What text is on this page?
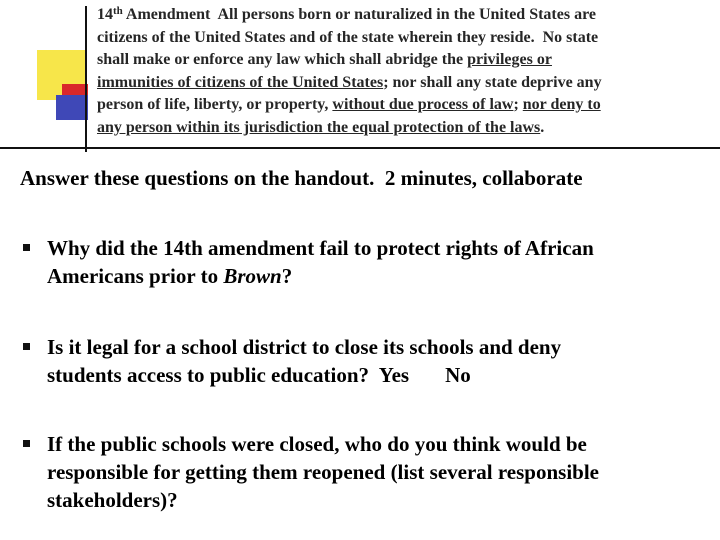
14th Amendment  All persons born or naturalized in the United States are
citizens of the United States and of the state wherein they reside.  No state
shall make or enforce any law which shall abridge the privileges or
immunities of citizens of the United States; nor shall any state deprive any
person of life, liberty, or property, without due process of law; nor deny to
any person within its jurisdiction the equal protection of the laws.
Answer these questions on the handout.  2 minutes, collaborate
Why did the 14th amendment fail to protect rights of African
Americans prior to Brown?
Is it legal for a school district to close its schools and deny
students access to public education?  Yes No
If the public schools were closed, who do you think would be
responsible for getting them reopened (list several responsible
stakeholders)?
